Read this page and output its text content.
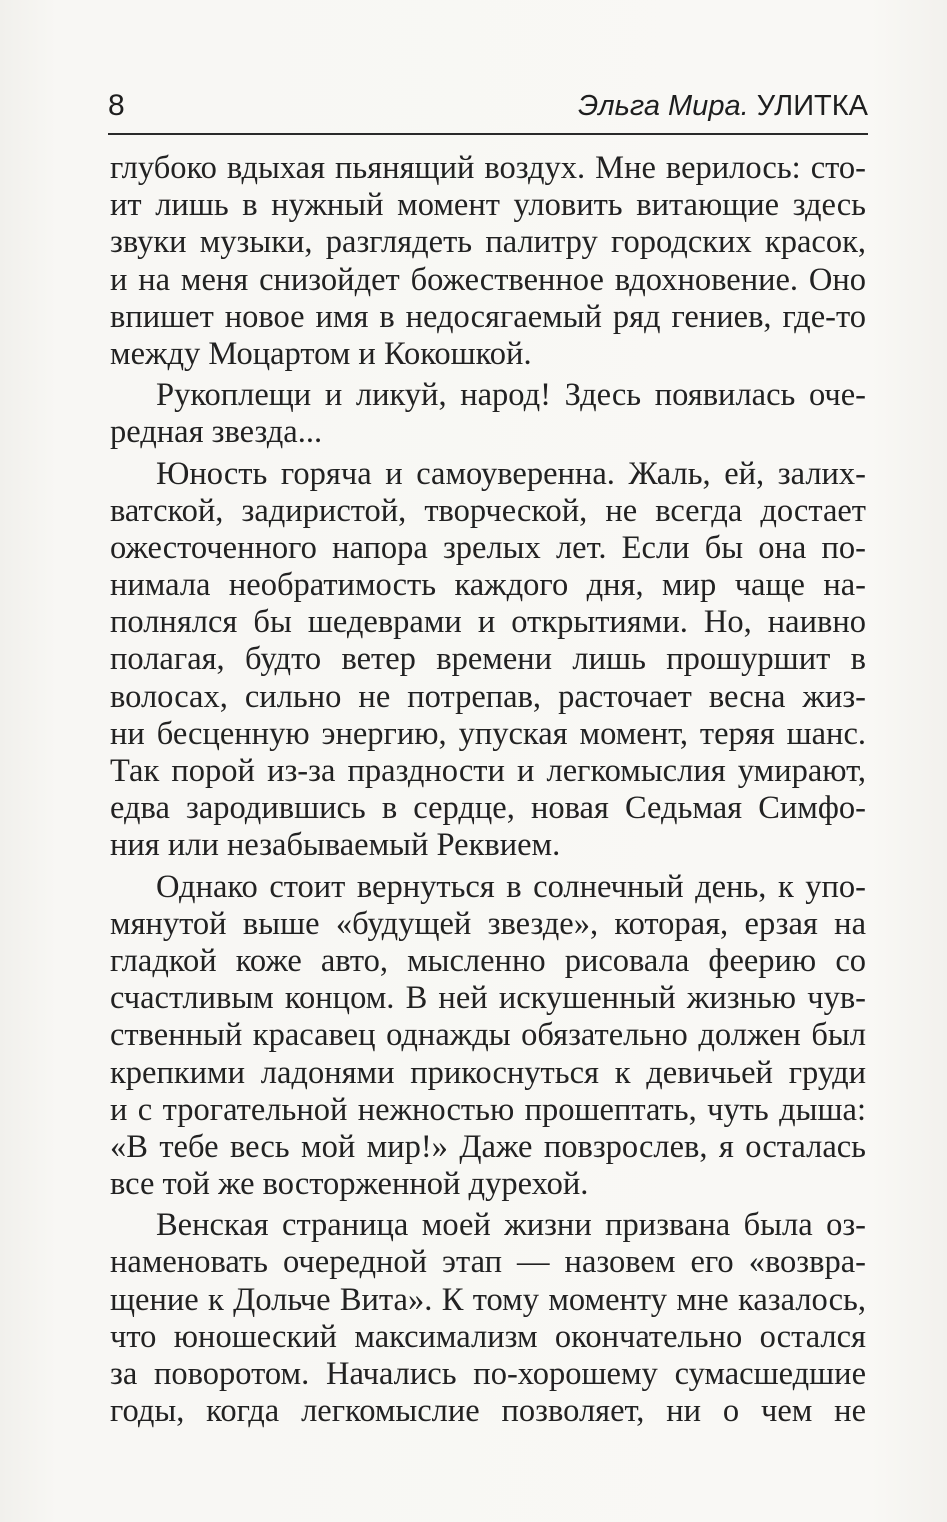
8	Эльга Мира. УЛИТКА

глубоко вдыхая пьянящий воздух. Мне верилось: сто-
ит лишь в нужный момент уловить витающие здесь
звуки музыки, разглядеть палитру городских красок,
и на меня снизойдет божественное вдохновение. Оно
впишет новое имя в недосягаемый ряд гениев, где-то
между Моцартом и Кокошкой.

Рукоплещи и ликуй, народ! Здесь появилась оче-
редная звезда...

Юность горяча и самоуверенна. Жаль, ей, залих-
ватской, задиристой, творческой, не всегда достает
ожесточенного напора зрелых лет. Если бы она по-
нимала необратимость каждого дня, мир чаще на-
полнялся бы шедеврами и открытиями. Но, наивно
полагая, будто ветер времени лишь прошуршит в
волосах, сильно не потрепав, расточает весна жиз-
ни бесценную энергию, упуская момент, теряя шанс.
Так порой из-за праздности и легкомыслия умирают,
едва зародившись в сердце, новая Седьмая Симфо-
ния или незабываемый Реквием.

Однако стоит вернуться в солнечный день, к упо-
мянутой выше «будущей звезде», которая, ерзая на
гладкой коже авто, мысленно рисовала феерию со
счастливым концом. В ней искушенный жизнью чув-
ственный красавец однажды обязательно должен был
крепкими ладонями прикоснуться к девичьей груди
и с трогательной нежностью прошептать, чуть дыша:
«В тебе весь мой мир!» Даже повзрослев, я осталась
все той же восторженной дурехой.

Венская страница моей жизни призвана была оз-
наменовать очередной этап — назовем его «возвра-
щение к Дольче Вита». К тому моменту мне казалось,
что юношеский максимализм окончательно остался
за поворотом. Начались по-хорошему сумасшедшие
годы, когда легкомыслие позволяет, ни о чем не
